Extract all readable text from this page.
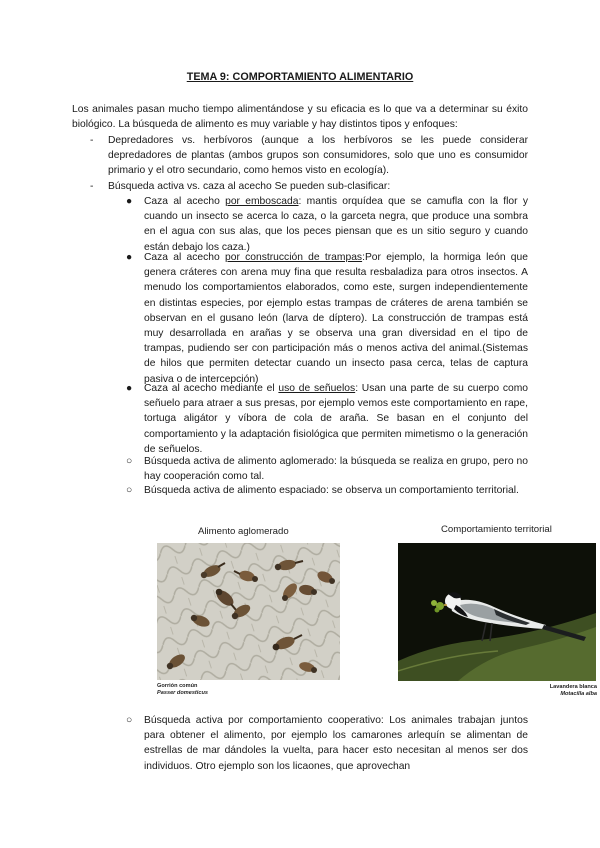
TEMA 9: COMPORTAMIENTO ALIMENTARIO
Los animales pasan mucho tiempo alimentándose y su eficacia es lo que va a determinar su éxito biológico. La búsqueda de alimento es muy variable y hay distintos tipos y enfoques:
- Depredadores vs. herbívoros (aunque a los herbívoros se les puede considerar depredadores de plantas (ambos grupos son consumidores, solo que uno es consumidor primario y el otro secundario, como hemos visto en ecología).
- Búsqueda activa vs. caza al acecho Se pueden sub-clasificar:
●	Caza al acecho por emboscada: mantis orquídea que se camufla con la flor y cuando un insecto se acerca lo caza, o la garceta negra, que produce una sombra en el agua con sus alas, que los peces piensan que es un sitio seguro y cuando están debajo los caza.)
●	Caza al acecho por construcción de trampas:Por ejemplo, la hormiga león que genera cráteres con arena muy fina que resulta resbaladiza para otros insectos. A menudo los comportamientos elaborados, como este, surgen independientemente en distintas especies, por ejemplo estas trampas de cráteres de arena también se observan en el gusano león (larva de díptero). La construcción de trampas está muy desarrollada en arañas y se observa una gran diversidad en el tipo de trampas, pudiendo ser con participación más o menos activa del animal.(Sistemas de hilos que permiten detectar cuando un insecto pasa cerca, telas de captura pasiva o de intercepción)
●	Caza al acecho mediante el uso de señuelos: Usan una parte de su cuerpo como señuelo para atraer a sus presas, por ejemplo vemos este comportamiento en rape, tortuga aligátor y víbora de cola de araña. Se basan en el conjunto del comportamiento y la adaptación fisiológica que permiten mimetismo o la generación de señuelos.
○	Búsqueda activa de alimento aglomerado: la búsqueda se realiza en grupo, pero no hay cooperación como tal.
○	Búsqueda activa de alimento espaciado: se observa un comportamiento territorial.
Alimento aglomerado
Gorrión común
Passer domesticus
Comportamiento territorial
Lavandera blanca
Motacilla alba
○	Búsqueda activa por comportamiento cooperativo: Los animales trabajan juntos para obtener el alimento, por ejemplo los camarones arlequín se alimentan de estrellas de mar dándoles la vuelta, para hacer esto necesitan al menos ser dos individuos. Otro ejemplo son los licaones, que aprovechan
